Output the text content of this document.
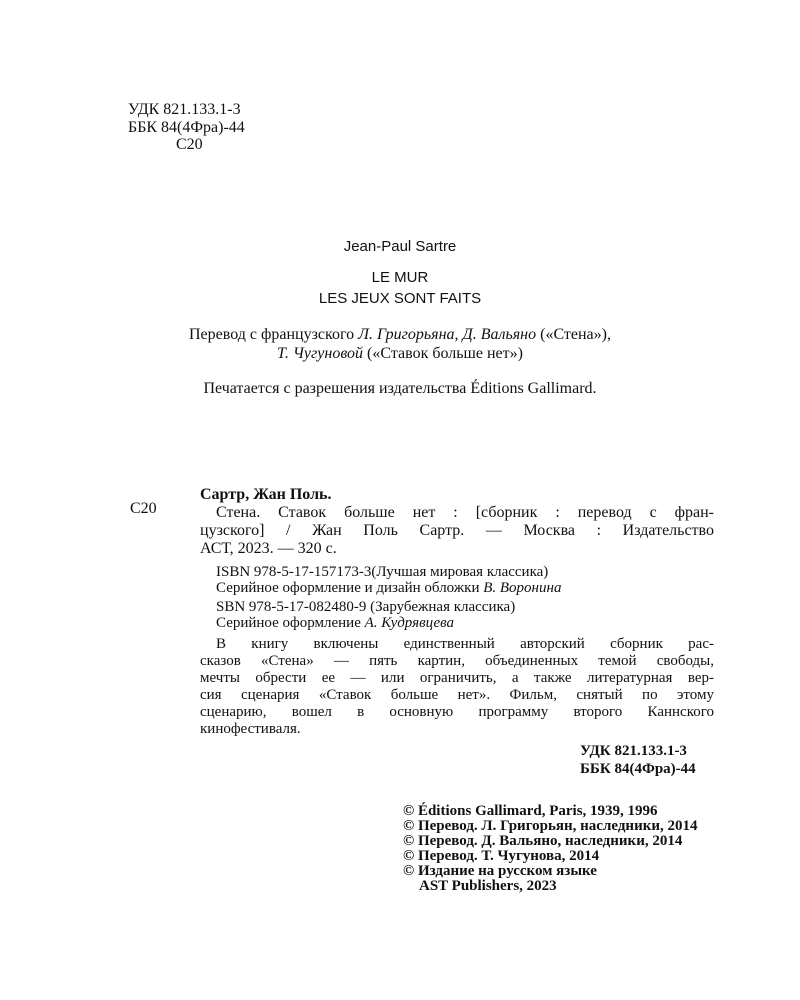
УДК 821.133.1-3
ББК 84(4Фра)-44
С20
Jean-Paul Sartre
LE MUR
LES JEUX SONT FAITS
Перевод с французского Л. Григорьяна, Д. Вальяно («Стена»),
Т. Чугуновой («Ставок больше нет»)
Печатается с разрешения издательства Éditions Gallimard.
С20
Сартр, Жан Поль.
Стена. Ставок больше нет : [сборник : перевод с фран-
цузского] / Жан Поль Сартр. — Москва : Издательство
АСТ, 2023. — 320 с.
ISBN 978-5-17-157173-3(Лучшая мировая классика)
Серийное оформление и дизайн обложки В. Воронина
SBN 978-5-17-082480-9 (Зарубежная классика)
Серийное оформление А. Кудрявцева
В книгу включены единственный авторский сборник рас-
сказов «Стена» — пять картин, объединенных темой свободы,
мечты обрести ее — или ограничить, а также литературная вер-
сия сценария «Ставок больше нет». Фильм, снятый по этому
сценарию, вошел в основную программу второго Каннского
кинофестиваля.
УДК 821.133.1-3
ББК 84(4Фра)-44
© Éditions Gallimard, Paris, 1939, 1996
© Перевод. Л. Григорьян, наследники, 2014
© Перевод. Д. Вальяно, наследники, 2014
© Перевод. Т. Чугунова, 2014
© Издание на русском языке
AST Publishers, 2023
